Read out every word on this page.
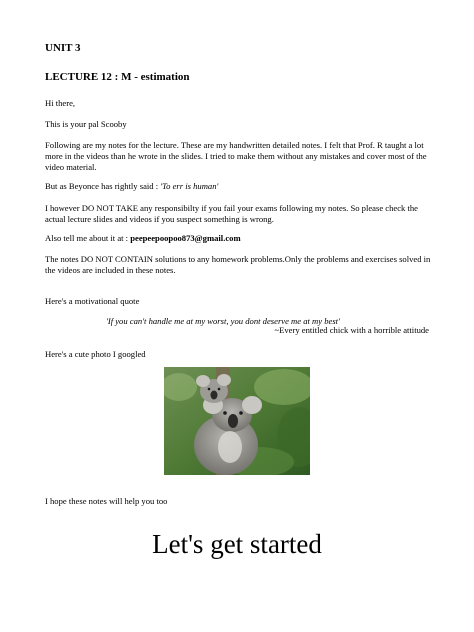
UNIT 3

LECTURE 12 : M - estimation

Hi there,

This is your pal Scooby

Following are my notes for the lecture. These are my handwritten detailed notes. I felt that Prof. R taught a lot more in the videos than he wrote in the slides. I tried to make them without any mistakes and cover most of the video material.

But as Beyonce has rightly said : 'To err is human'

I however DO NOT TAKE any responsibilty if you fail your exams following my notes. So please check the actual lecture slides and videos if you suspect something is wrong.

Also tell me about it at : peepeepoopoo873@gmail.com

The notes DO NOT CONTAIN solutions to any homework problems.Only the problems and exercises solved in the videos are included in these notes.

Here's a motivational quote

'If you can't handle me at my worst, you dont deserve me at my best'

~Every entitled chick with a horrible attitude

Here's a cute photo I googled

I hope these notes will help you too

Let's get started
